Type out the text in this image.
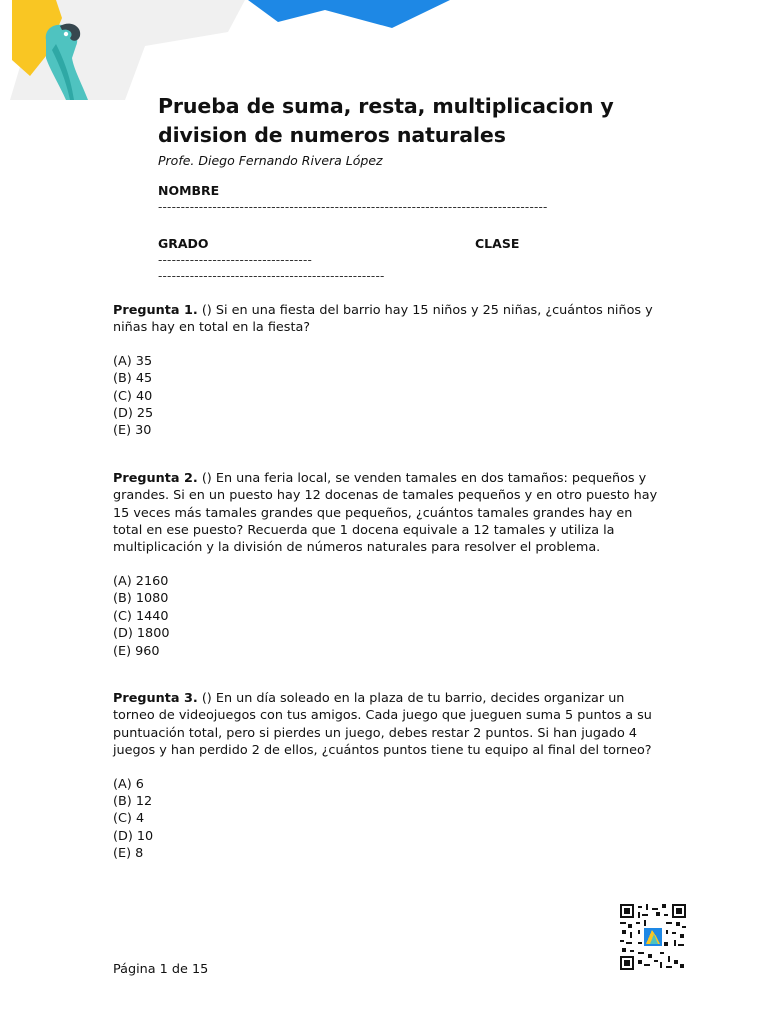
Prueba de suma, resta, multiplicacion y division de numeros naturales
Profe. Diego Fernando Rivera López
NOMBRE
--------------------------------------------------------------------------------------
GRADO
----------------------------------
CLASE
--------------------------------------------------

Pregunta 1. () Si en una fiesta del barrio hay 15 niños y 25 niñas, ¿cuántos niños y niñas hay en total en la fiesta?

(A) 35
(B) 45
(C) 40
(D) 25
(E) 30

Pregunta 2. () En una feria local, se venden tamales en dos tamaños: pequeños y grandes. Si en un puesto hay 12 docenas de tamales pequeños y en otro puesto hay 15 veces más tamales grandes que pequeños, ¿cuántos tamales grandes hay en total en ese puesto? Recuerda que 1 docena equivale a 12 tamales y utiliza la multiplicación y la división de números naturales para resolver el problema.

(A) 2160
(B) 1080
(C) 1440
(D) 1800
(E) 960

Pregunta 3. () En un día soleado en la plaza de tu barrio, decides organizar un torneo de videojuegos con tus amigos. Cada juego que jueguen suma 5 puntos a su puntuación total, pero si pierdes un juego, debes restar 2 puntos. Si han jugado 4 juegos y han perdido 2 de ellos, ¿cuántos puntos tiene tu equipo al final del torneo?

(A) 6
(B) 12
(C) 4
(D) 10
(E) 8
Página 1 de 15
